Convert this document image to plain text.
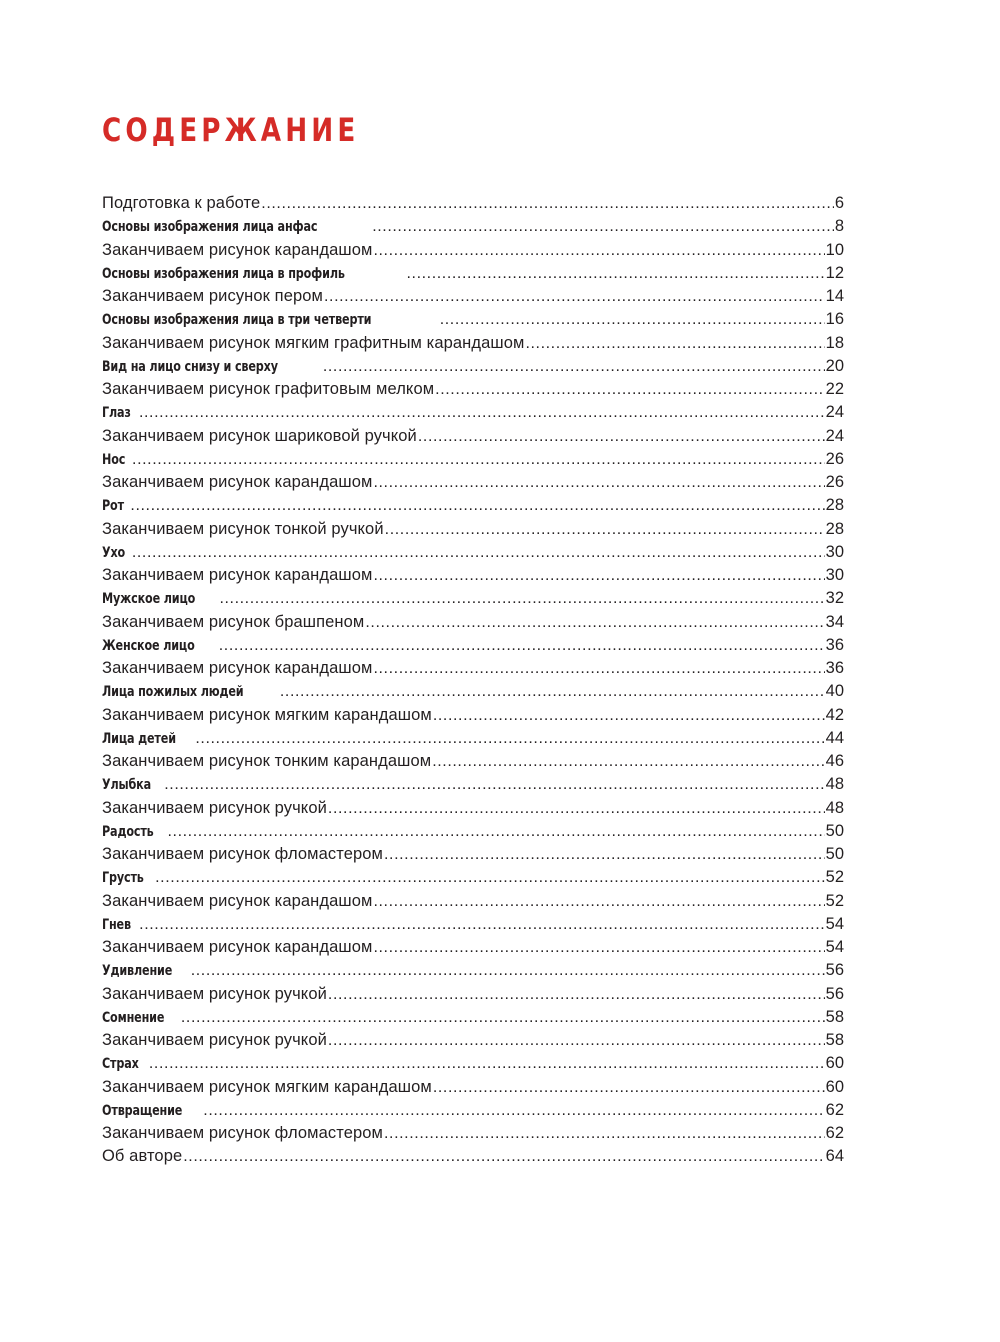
СОДЕРЖАНИЕ
Подготовка к работе .....	6
Основы изображения лица анфас .....	8
Заканчиваем рисунок карандашом .....	10
Основы изображения лица в профиль .....	12
Заканчиваем рисунок пером .....	14
Основы изображения лица в три четверти .....	16
Заканчиваем рисунок мягким графитным карандашом .....	18
Вид на лицо снизу и сверху .....	20
Заканчиваем рисунок графитовым мелком .....	22
Глаз .....	24
Заканчиваем рисунок шариковой ручкой .....	24
Нос .....	26
Заканчиваем рисунок карандашом .....	26
Рот .....	28
Заканчиваем рисунок тонкой ручкой .....	28
Ухо .....	30
Заканчиваем рисунок карандашом .....	30
Мужское лицо .....	32
Заканчиваем рисунок брашпеном .....	34
Женское лицо .....	36
Заканчиваем рисунок карандашом .....	36
Лица пожилых людей .....	40
Заканчиваем рисунок мягким карандашом .....	42
Лица детей .....	44
Заканчиваем рисунок тонким карандашом .....	46
Улыбка .....	48
Заканчиваем рисунок ручкой .....	48
Радость .....	50
Заканчиваем рисунок фломастером .....	50
Грусть .....	52
Заканчиваем рисунок карандашом .....	52
Гнев .....	54
Заканчиваем рисунок карандашом .....	54
Удивление .....	56
Заканчиваем рисунок ручкой .....	56
Сомнение .....	58
Заканчиваем рисунок ручкой .....	58
Страх .....	60
Заканчиваем рисунок мягким карандашом .....	60
Отвращение .....	62
Заканчиваем рисунок фломастером .....	62
Об авторе .....	64
